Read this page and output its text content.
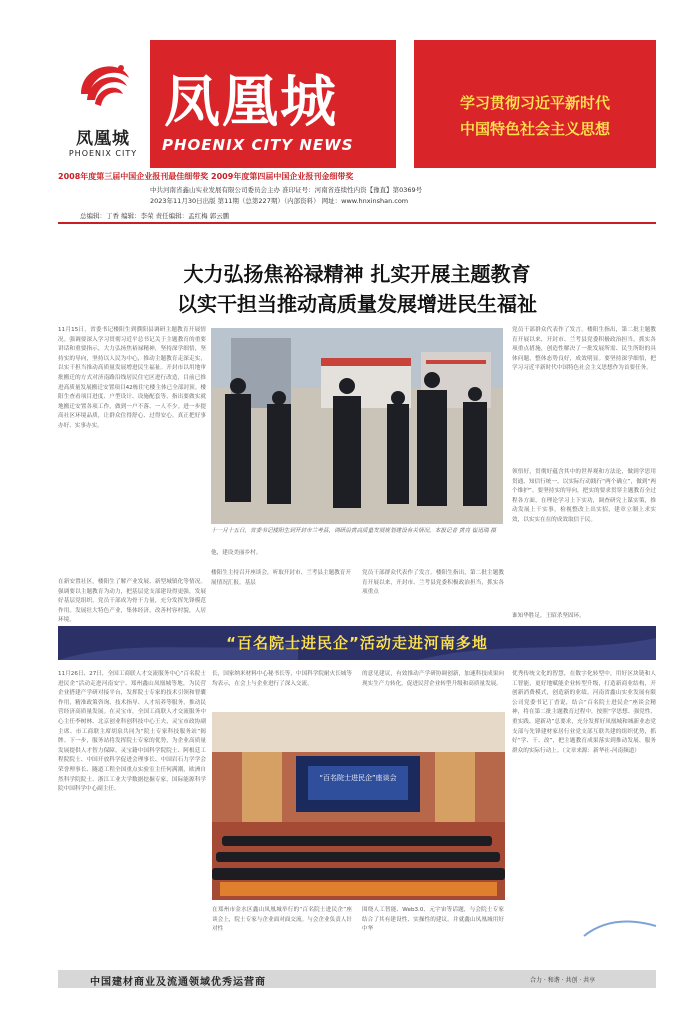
凤凰城
PHOENIX CITY
凤凰城
PHOENIX CITY NEWS
学习贯彻习近平新时代
中国特色社会主义思想
2008年度第三届中国企业报刊最佳细带奖 2009年度第四届中国企业报刊金细带奖
中共河南省鑫山实业发展有限公司委员会主办 准印证号：河南省连续性内资【豫直】第0369号
2023年11月30日出版 第11期（总第227期）（内部资料） 网址：www.hnxinshan.com
总编辑：丁香 编辑：李荣 责任编辑：孟红梅 郭云鹏
大力弘扬焦裕禄精神 扎实开展主题教育
以实干担当推动高质量发展增进民生福祉
11月15日，省委书记楼阳生到濮阳县调研主题教育开展情况。强调要深入学习贯彻习近平总书记关于主题教育的重要讲话和重要指示，大力弘扬焦裕禄精神，坚持深学细悟，坚持实的导向，坚持以人民为中心，推动主题教育走深走实，以实干担当推动高质量发展增进民生福祉。开封市以用地审批搬迁的方式对济南路沿线居民住宅区进行改造，目前已推进高质量发展搬迁安置项目42栋住宅楼主体已全部封顶。楼阳生查看项目进度、户型设计、设施配套等，指出要做实就地搬迁安置各项工作，做到一户不落、一人不少。进一步提高社区环境品质，让群众住得舒心、过得安心。真正把好事办好、实事办实。
在新安置社区，楼阳生了解产业发展、新型城镇化等情况。强调要以主题教育为动力，把基层党支部建设得更强，发展好基层党组织，党员干部成为骨干力量，充分发挥先锋模范作用。发展壮大特色产业，集体经济，改善村容村貌，人居环境。
十一月十五日，省委书记楼阳生到开封市兰考县，调研沿黄高质量发展规划建设有关情况。本报记者 黄亮 崔迅瑞 摄
他，建设美丽乡村。
楼阳生主持召开座谈会，听取开封市、兰考县主题教育开展情况汇报。基层
党员干部群众代表作了发言。楼阳生指出，第二批主题教育开展以来，开封市、兰考县党委积极政治担当，抓实各项重点
党员干部群众代表作了发言。楼阳生指出，第二批主题教育开展以来，开封市、兰考县党委积极政治担当，抓实各项重点措施，创造性解决了一批发展所需、民生所盼的具体问题，整体态势良好，成效明显。要坚持深学细悟，把学习习近平新时代中国特色社会主义思想作为首要任务。
领悟好，贯彻好蕴含其中的世界观和方法论，做到学思用贯通、知信行统一，以实际行动践行“两个确立”，做到“两个维护”。要坚持实的导向，把实的要求贯穿主题教育全过程各方面，在理论学习上下实功，调查研究上谋实策，推动发展上干实事，检视整改上出实招，建章立制上求实效，以实实在在的成效取信于民。
谁知华胜足，王昭杀坚固环。
“百名院士进民企”活动走进河南多地
11月26日、27日，全国工商联人才交流服务中心“百名院士进民企”活动走进河南安宁、郑州鑫山凤凰城等地，为民营企业搭建产学研对接平台，发挥院士专家的技术引领和智囊作用，精准政策咨询、技术指导、人才培养等服务，推动民营经济高质量发展。在灵宝市，全国工商联人才交流服务中心主任李树林、北京创业科创科技中心王夫，灵宝市政协副主席、市工商联主席胡泉共同为“院士专家科技服务站”揭牌。下一步，服务站将发挥院士专家的优势，为企业高质量发展提供人才智力保障。灵宝籍中国科学院院士、阿根廷工程院院士、中国开放科学促进会理事长、中国岩石力学学会荣誉理事长、隧道工程全国重点实验室主任何满潮，欧洲自然科学院院士、浙江工业大学数据挖掘专家，国际能源科学院中国科学中心副主任、
长，国家纳米材料中心秘书长等，中国科学院耐火长城等均表示，在会上与企业进行了深入交流。
的意见建议，有效推动产学研协调创新，加速科技成果向现实生产力转化，促进民营企业转型升级和高质量发展。
“百名院士进民企”座谈会
在郑州市金水区鑫山凤凰城举行的“百名院士进民企”座谈会上，院士专家与企业面对面交流。与会企业负责人针对性
围绕人工智能、Web3.0、元宇宙等话题，与会院士专家结合了其有建设性、实操性的建议。并就鑫山凤凰城用好中华
优秀传统文化的智慧，在数字化转型中，用好区块链和人工智能，更好地赋能企业转型升级，打造新商业结构，开创新消费模式，创造新的业绩。河南省鑫山实业发展有限公司党委书记丁香说，结合“百名院士进民企”座谈会精神，将在第二批主题教育过程中，按照“学思想、强党性、重实践、建新功”总要求，充分发挥好凤凰城和城新业态党支部与先锋建材家居行业党支部互联共建的组织优势，抓好“学、干、改”，把主题教育成果落实到推动发展、服务群众的实际行动上。（文章来源：新华社-河南频道）
中国建材商业及流通领域优秀运营商	合力 · 和谐 · 共创 · 共享
